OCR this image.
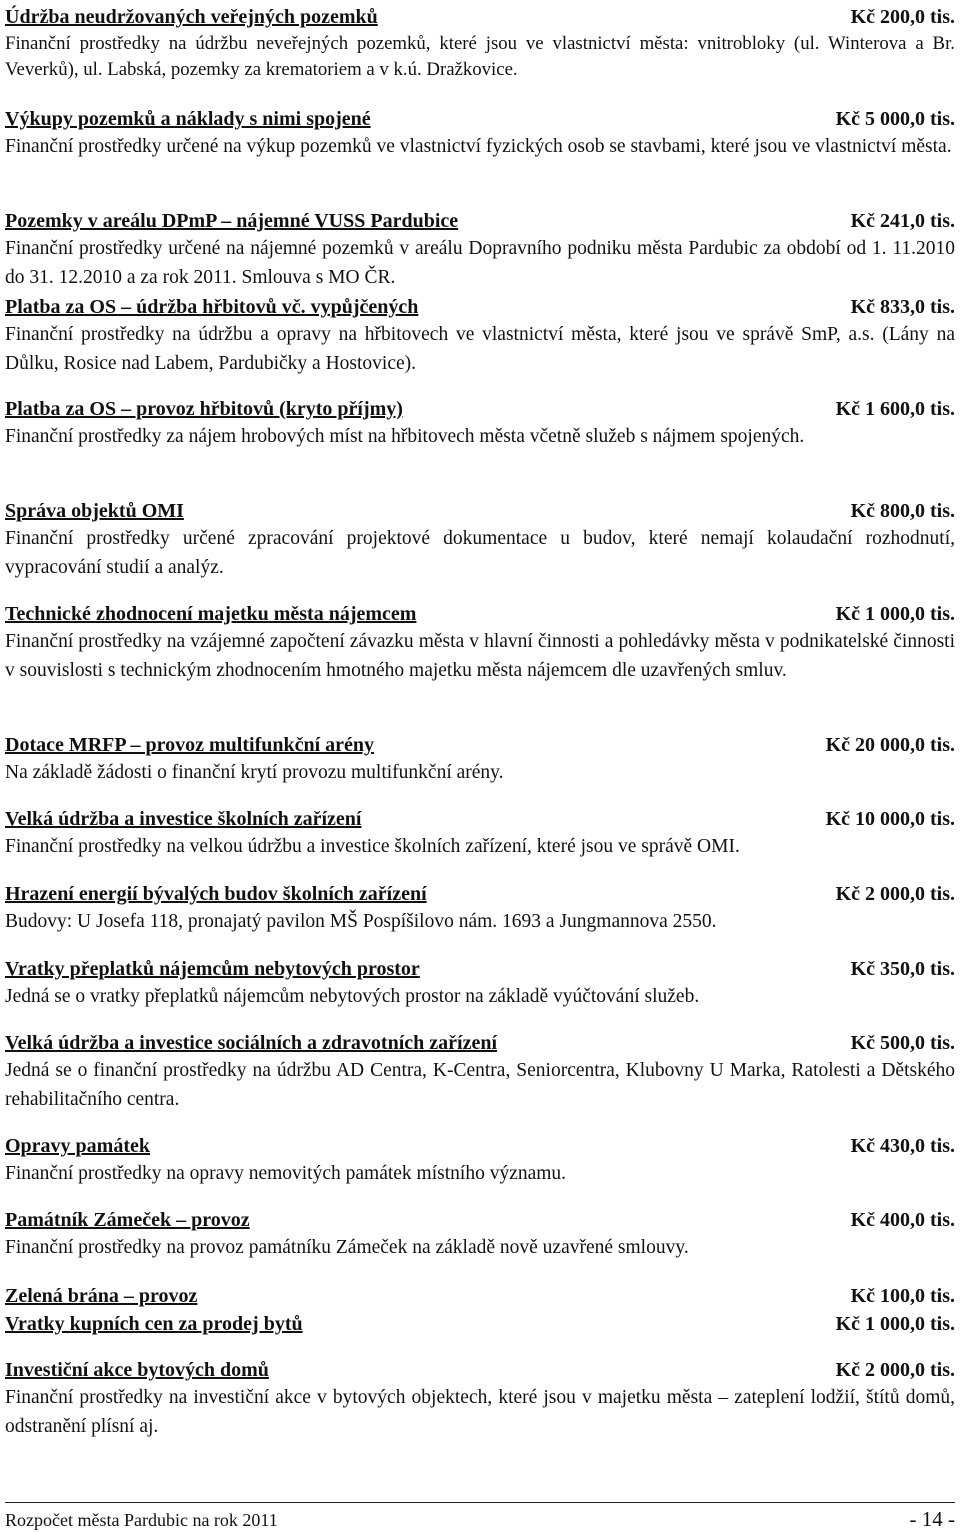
Údržba neudržovaných veřejných pozemků	Kč 200,0 tis.

Finanční prostředky na údržbu neveřejných pozemků, které jsou ve vlastnictví města: vnitrobloky (ul. Winterova a Br. Veverků), ul. Labská, pozemky za krematoriem a v k.ú. Dražkovice.

Výkupy pozemků a náklady s nimi spojené	Kč 5 000,0 tis.

Finanční prostředky určené na výkup pozemků ve vlastnictví fyzických osob se stavbami, které jsou ve vlastnictví města.

Pozemky v areálu DPmP – nájemné VUSS Pardubice	Kč 241,0 tis.

Finanční prostředky určené na nájemné pozemků v areálu Dopravního podniku města Pardubic za období od 1. 11.2010 do 31. 12.2010 a za rok 2011. Smlouva s MO ČR.

Platba za OS – údržba hřbitovů vč. vypůjčených	Kč 833,0 tis.

Finanční prostředky na údržbu a opravy na hřbitovech ve vlastnictví města, které jsou ve správě SmP, a.s. (Lány na Důlku, Rosice nad Labem, Pardubičky a Hostovice).

Platba za OS – provoz hřbitovů (kryto příjmy)	Kč 1 600,0 tis.

Finanční prostředky za nájem hrobových míst na hřbitovech města včetně služeb s nájmem spojených.

Správa objektů OMI	Kč 800,0 tis.

Finanční prostředky určené zpracování projektové dokumentace u budov, které nemají kolaudační rozhodnutí, vypracování studií a analýz.

Technické zhodnocení majetku města nájemcem	Kč 1 000,0 tis.

Finanční prostředky na vzájemné započtení závazku města v hlavní činnosti a pohledávky města v podnikatelské činnosti v souvislosti s technickým zhodnocením hmotného majetku města nájemcem dle uzavřených smluv.

Dotace MRFP – provoz multifunkční arény	Kč 20 000,0 tis.

Na základě žádosti o finanční krytí provozu multifunkční arény.

Velká údržba a investice školních zařízení	Kč 10 000,0 tis.

Finanční prostředky na velkou údržbu a investice školních zařízení, které jsou ve správě OMI.

Hrazení energií bývalých budov školních zařízení	Kč 2 000,0 tis.

Budovy: U Josefa 118, pronajatý pavilon MŠ Pospíšilovo nám. 1693 a Jungmannova 2550.

Vratky přeplatků nájemcům nebytových prostor	Kč 350,0 tis.

Jedná se o vratky přeplatků nájemcům nebytových prostor na základě vyúčtování služeb.

Velká údržba a investice sociálních a zdravotních zařízení	Kč 500,0 tis.

Jedná se o finanční prostředky na údržbu AD Centra, K-Centra, Seniorcentra, Klubovny U Marka, Ratolesti a Dětského rehabilitačního centra.

Opravy památek	Kč 430,0 tis.

Finanční prostředky na opravy nemovitých památek místního významu.

Památník Zámeček – provoz	Kč 400,0 tis.

Finanční prostředky na provoz památníku Zámeček na základě nově uzavřené smlouvy.

Zelená brána – provoz	Kč 100,0 tis.
Vratky kupních cen za prodej bytů	Kč 1 000,0 tis.
Investiční akce bytových domů	Kč 2 000,0 tis.

Finanční prostředky na investiční akce v bytových objektech, které jsou v majetku města – zateplení lodžií, štítů domů, odstranění plísní aj.

Rozpočet města Pardubic na rok 2011	- 14 -
